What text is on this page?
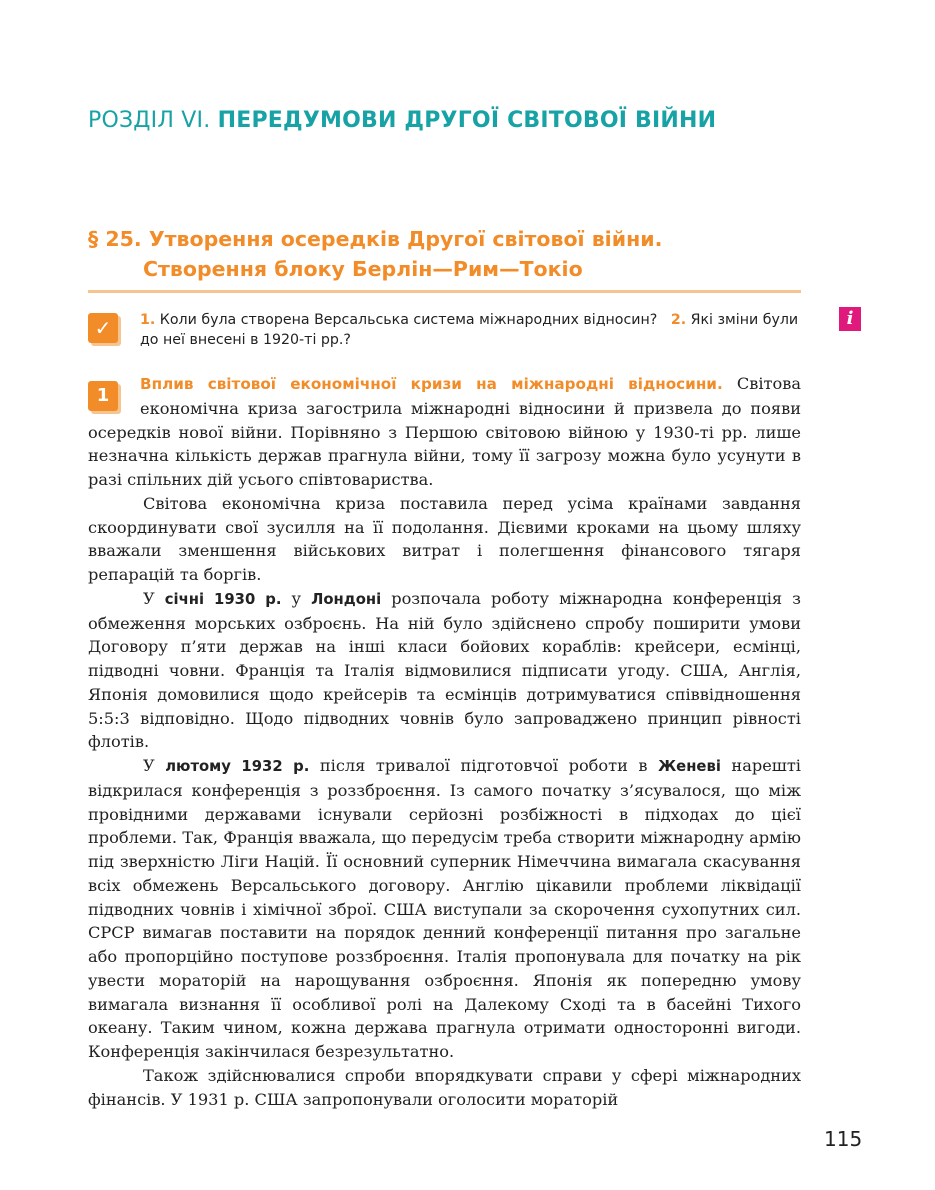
РОЗДІЛ VI. ПЕРЕДУМОВИ ДРУГОЇ СВІТОВОЇ ВІЙНИ
§ 25. Утворення осередків Другої світової війни.
Створення блоку Берлін—Рим—Токіо
i
✓	1. Коли була створена Версальська система міжнародних відносин? 2. Які зміни були до неї внесені в 1920-ті рр.?
1

Вплив світової економічної кризи на міжнародні відносини. Світова економічна криза загострила міжнародні відносини й призвела до появи осередків нової війни. Порівняно з Першою світовою війною у 1930-ті рр. лише незначна кількість держав прагнула війни, тому її загрозу можна було усунути в разі спільних дій усього співтовариства.

Світова економічна криза поставила перед усіма країнами завдання скоординувати свої зусилля на її подолання. Дієвими кроками на цьому шляху вважали зменшення військових витрат і полегшення фінансового тягаря репарацій та боргів.

У січні 1930 р. у Лондоні розпочала роботу міжнародна конференція з обмеження морських озброєнь. На ній було здійснено спробу поширити умови Договору п’яти держав на інші класи бойових кораблів: крейсери, есмінці, підводні човни. Франція та Італія відмовилися підписати угоду. США, Англія, Японія домовилися щодо крейсерів та есмінців дотримуватися співвідношення 5:5:3 відповідно. Щодо підводних човнів було запроваджено принцип рівності флотів.

У лютому 1932 р. після тривалої підготовчої роботи в Женеві нарешті відкрилася конференція з роззброєння. Із самого початку з’ясувалося, що між провідними державами існували серйозні розбіжності в підходах до цієї проблеми. Так, Франція вважала, що передусім треба створити міжнародну армію під зверхністю Ліги Націй. Її основний суперник Німеччина вимагала скасування всіх обмежень Версальського договору. Англію цікавили проблеми ліквідації підводних човнів і хімічної зброї. США виступали за скорочення сухопутних сил. СРСР вимагав поставити на порядок денний конференції питання про загальне або пропорційно поступове роззброєння. Італія пропонувала для початку на рік увести мораторій на нарощування озброєння. Японія як попередню умову вимагала визнання її особливої ролі на Далекому Сході та в басейні Тихого океану. Таким чином, кожна держава прагнула отримати односторонні вигоди. Конференція закінчилася безрезультатно.

Також здійснювалися спроби впорядкувати справи у сфері міжнародних фінансів. У 1931 р. США запропонували оголосити мораторій

115
